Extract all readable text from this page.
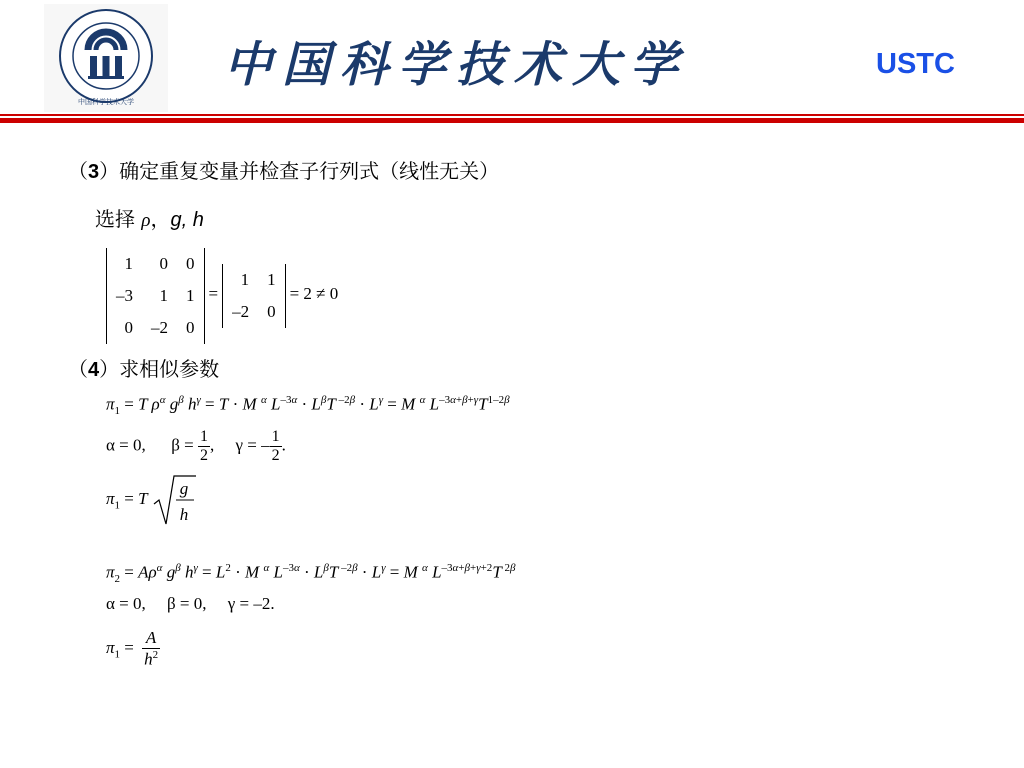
中国科学技术大学
中国科学技术大学	USTC
（3）确定重复变量并检查子行列式（线性无关）
选择 ρ，g, h
1	0	0
–3	1	1
0	–2	0
=
1	1
–2	0
= 2 ≠ 0
（4）求相似参数
$\pi_1 = T$ $\rho^\alpha$ $g^\beta$ $h^\gamma = T \cdot M$ $^\alpha$ $L^{-3\alpha} \cdot L^\beta T$ $^{-2\beta} \cdot L^\gamma = M$ $^\alpha$ $L^{-3\alpha+\beta+\gamma}T^{1-2\beta}$
α = 0, $\beta = \frac{1}{2}$ ,     γ = – $\frac{1}{2}$ .
$\pi_1 = T$
g
h
$\pi_2 = A\rho^\alpha$ $g^\beta$ $h^\gamma = L^2 \cdot M$ $^\alpha$ $L^{-3\alpha} \cdot L^\beta T$ $^{-2\beta} \cdot L^\gamma = M$ $^\alpha$ $L^{-3\alpha+\beta+\gamma+2}T$ $^{2\beta}$
α = 0,     β = 0,     γ = –2.
$\pi_1 = \frac{A}{h^2}$
